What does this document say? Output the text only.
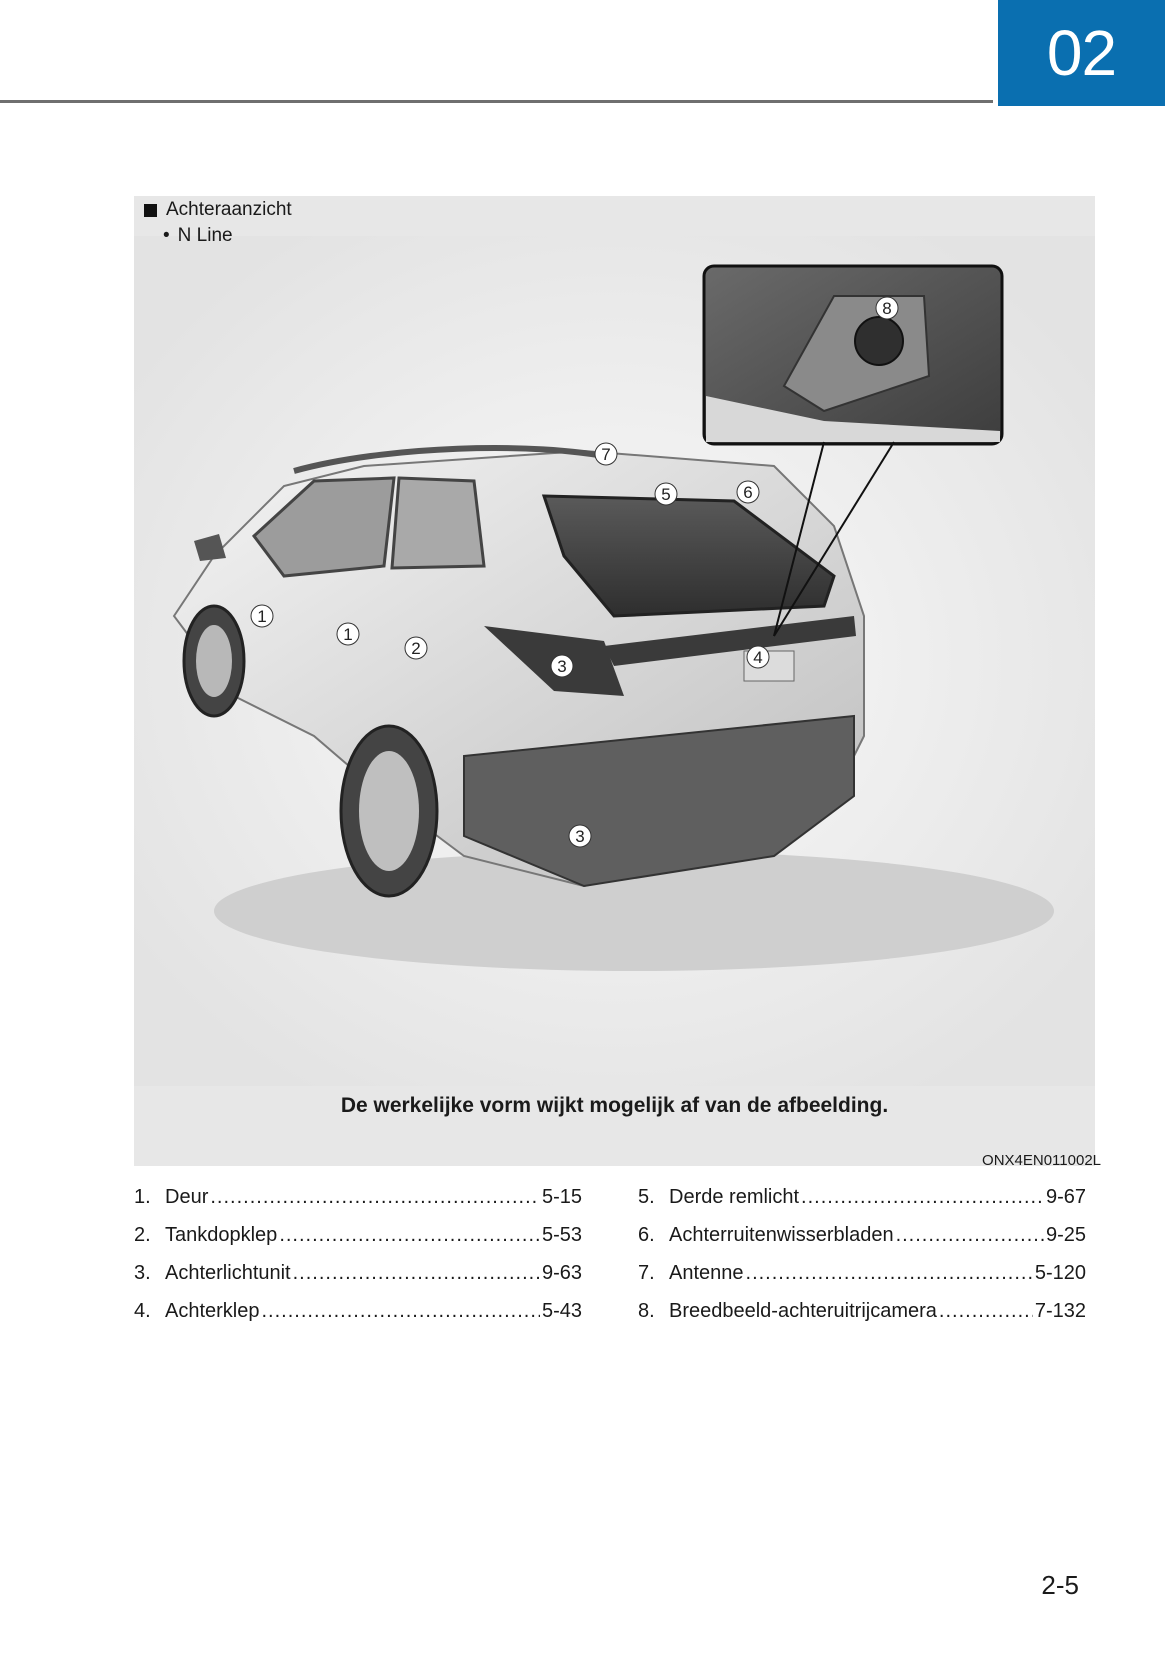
02
1
1
2
3
3
4
5	6
7
8
Achteraanzicht
• N Line
De werkelijke vorm wijkt mogelijk af van de afbeelding.
ONX4EN011002L
1. Deur .....	5-15
2. Tankdopklep .....	5-53
3. Achterlichtunit .....	9-63
4. Achterklep .....	5-43
5. Derde remlicht .....	9-67
6. Achterruitenwisserbladen .....	9-25
7. Antenne .....	5-120
8. Breedbeeld-achteruitrijcamera .....	7-132
2-5
